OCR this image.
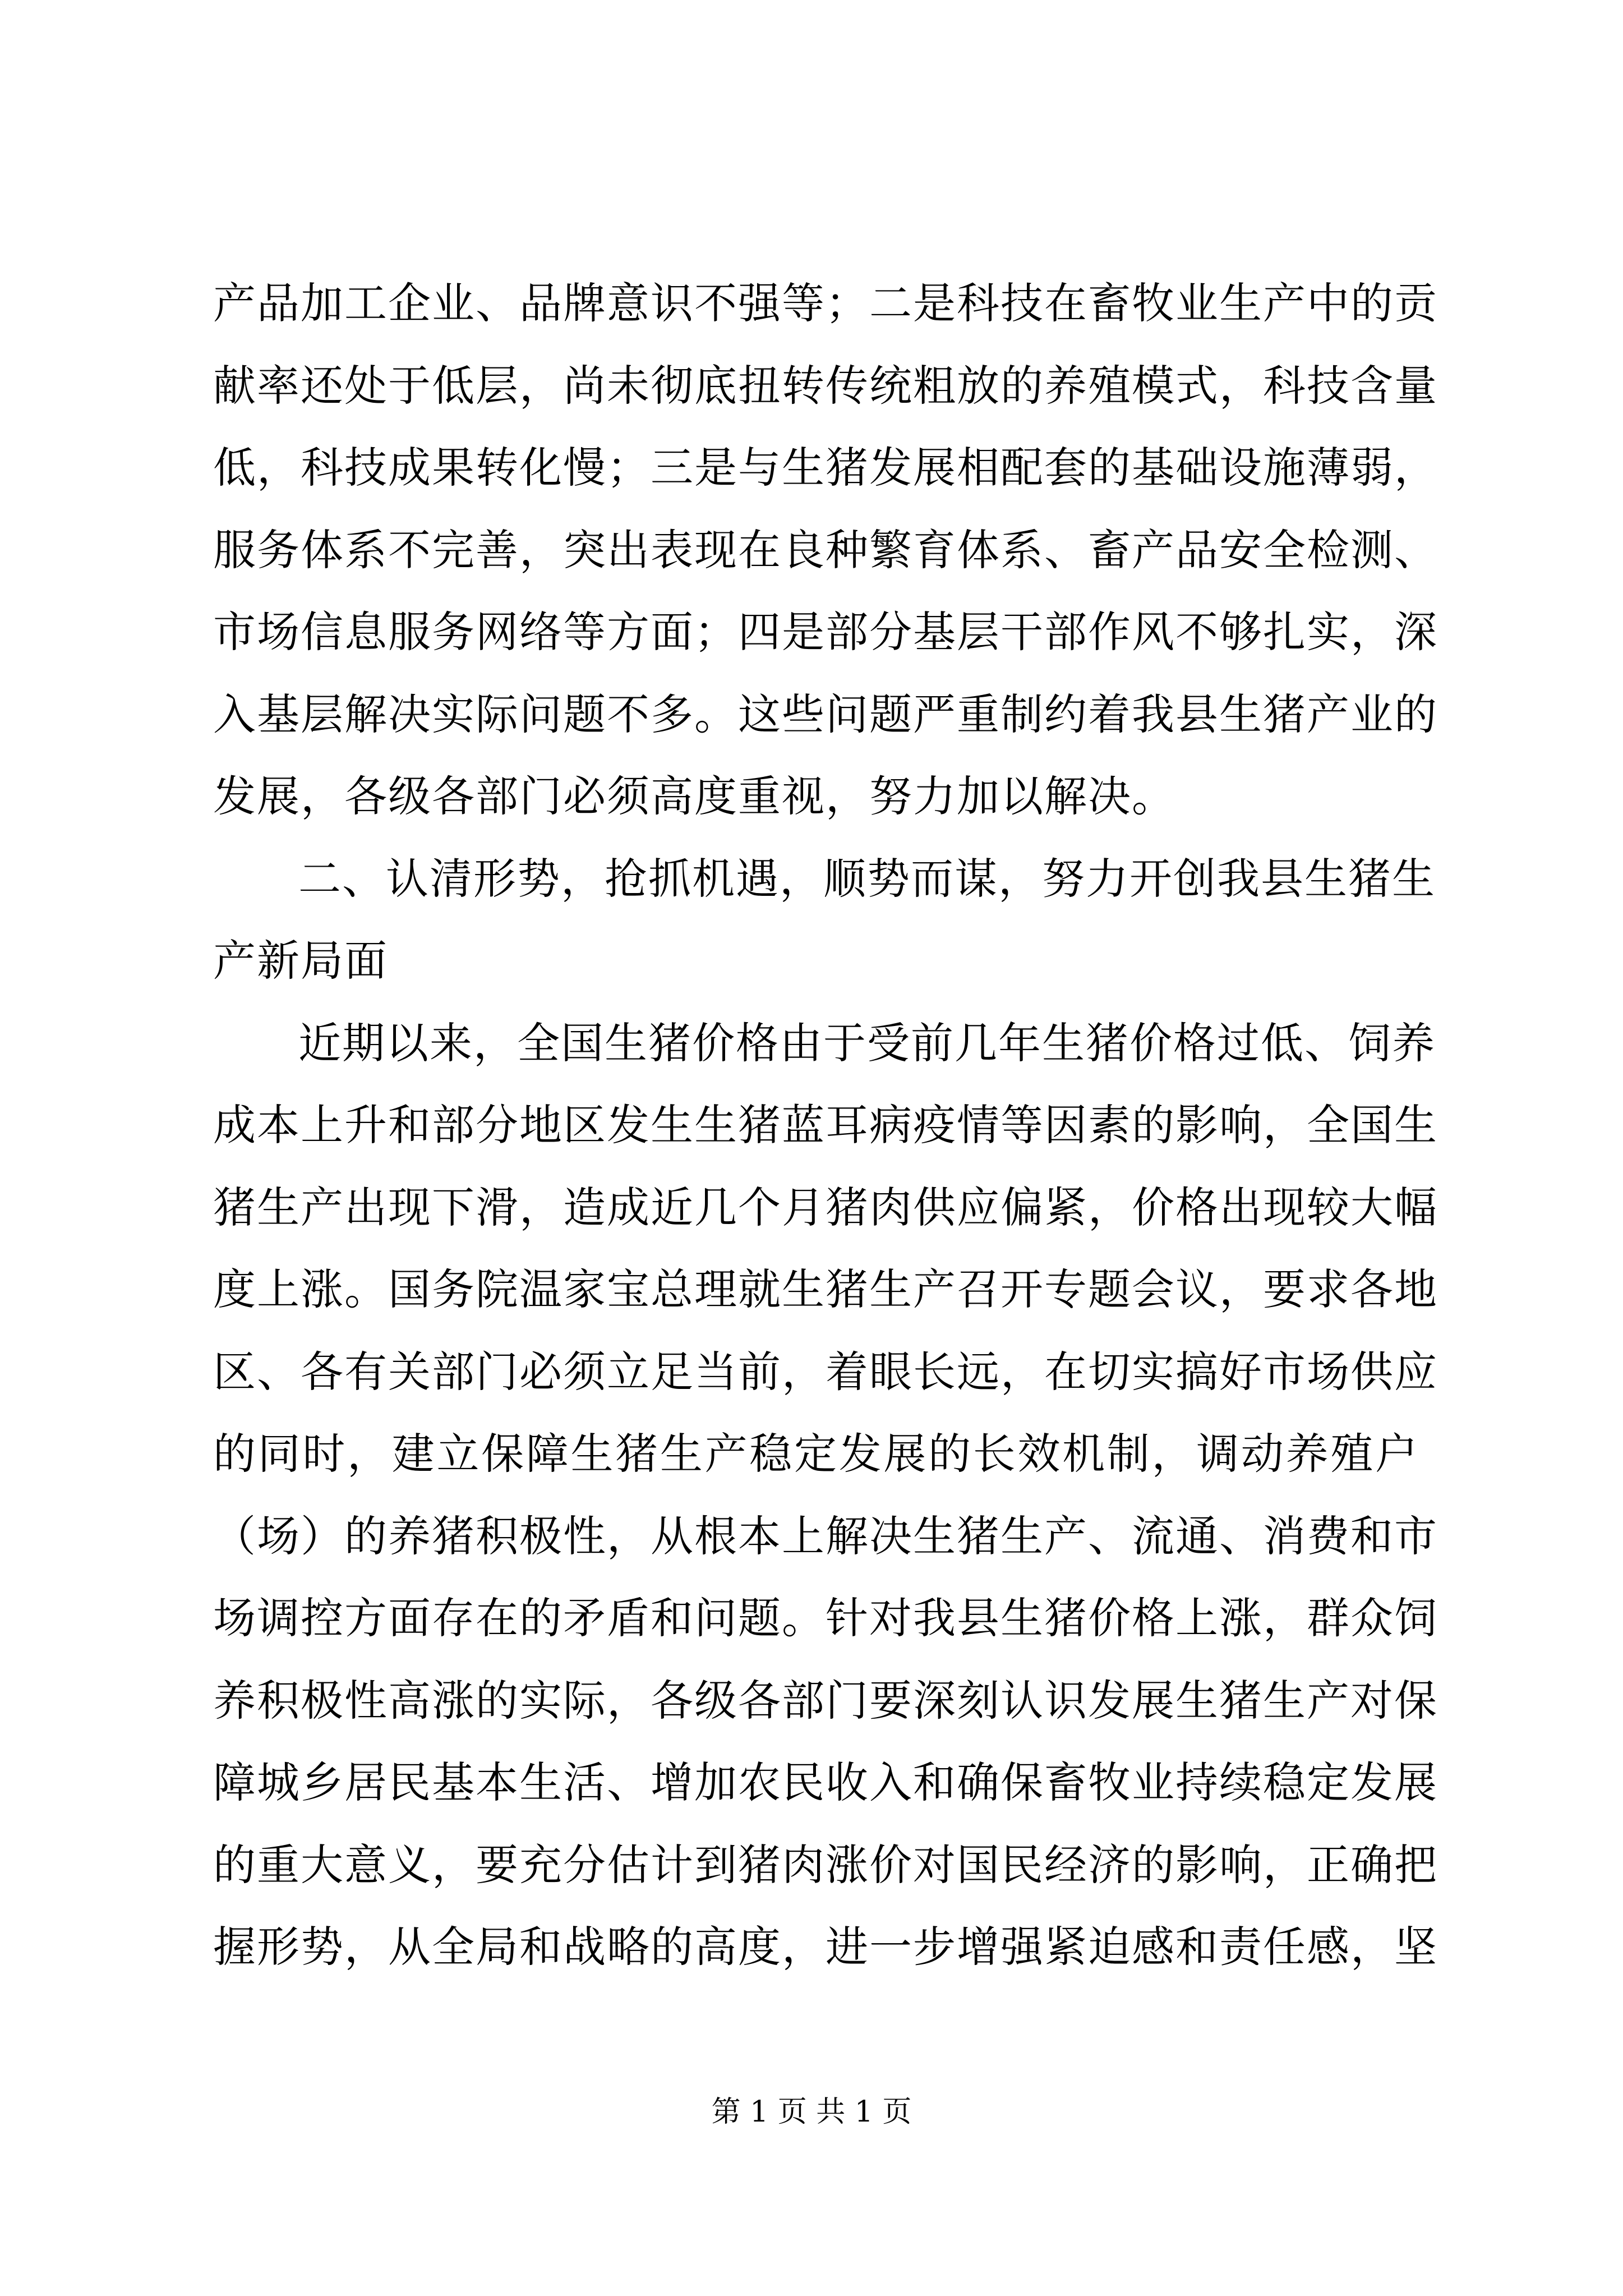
产品加工企业、品牌意识不强等；二是科技在畜牧业生产中的贡
献率还处于低层，尚未彻底扭转传统粗放的养殖模式，科技含量
低，科技成果转化慢；三是与生猪发展相配套的基础设施薄弱，
服务体系不完善，突出表现在良种繁育体系、畜产品安全检测、
市场信息服务网络等方面；四是部分基层干部作风不够扎实，深
入基层解决实际问题不多。这些问题严重制约着我县生猪产业的
发展，各级各部门必须高度重视，努力加以解决。
二、认清形势，抢抓机遇，顺势而谋，努力开创我县生猪生
产新局面
近期以来，全国生猪价格由于受前几年生猪价格过低、饲养
成本上升和部分地区发生生猪蓝耳病疫情等因素的影响，全国生
猪生产出现下滑，造成近几个月猪肉供应偏紧，价格出现较大幅
度上涨。国务院温家宝总理就生猪生产召开专题会议，要求各地
区、各有关部门必须立足当前，着眼长远，在切实搞好市场供应
的同时，建立保障生猪生产稳定发展的长效机制，调动养殖户
（场）的养猪积极性，从根本上解决生猪生产、流通、消费和市
场调控方面存在的矛盾和问题。针对我县生猪价格上涨，群众饲
养积极性高涨的实际，各级各部门要深刻认识发展生猪生产对保
障城乡居民基本生活、增加农民收入和确保畜牧业持续稳定发展
的重大意义，要充分估计到猪肉涨价对国民经济的影响，正确把
握形势，从全局和战略的高度，进一步增强紧迫感和责任感，坚
第 1 页 共 1 页
